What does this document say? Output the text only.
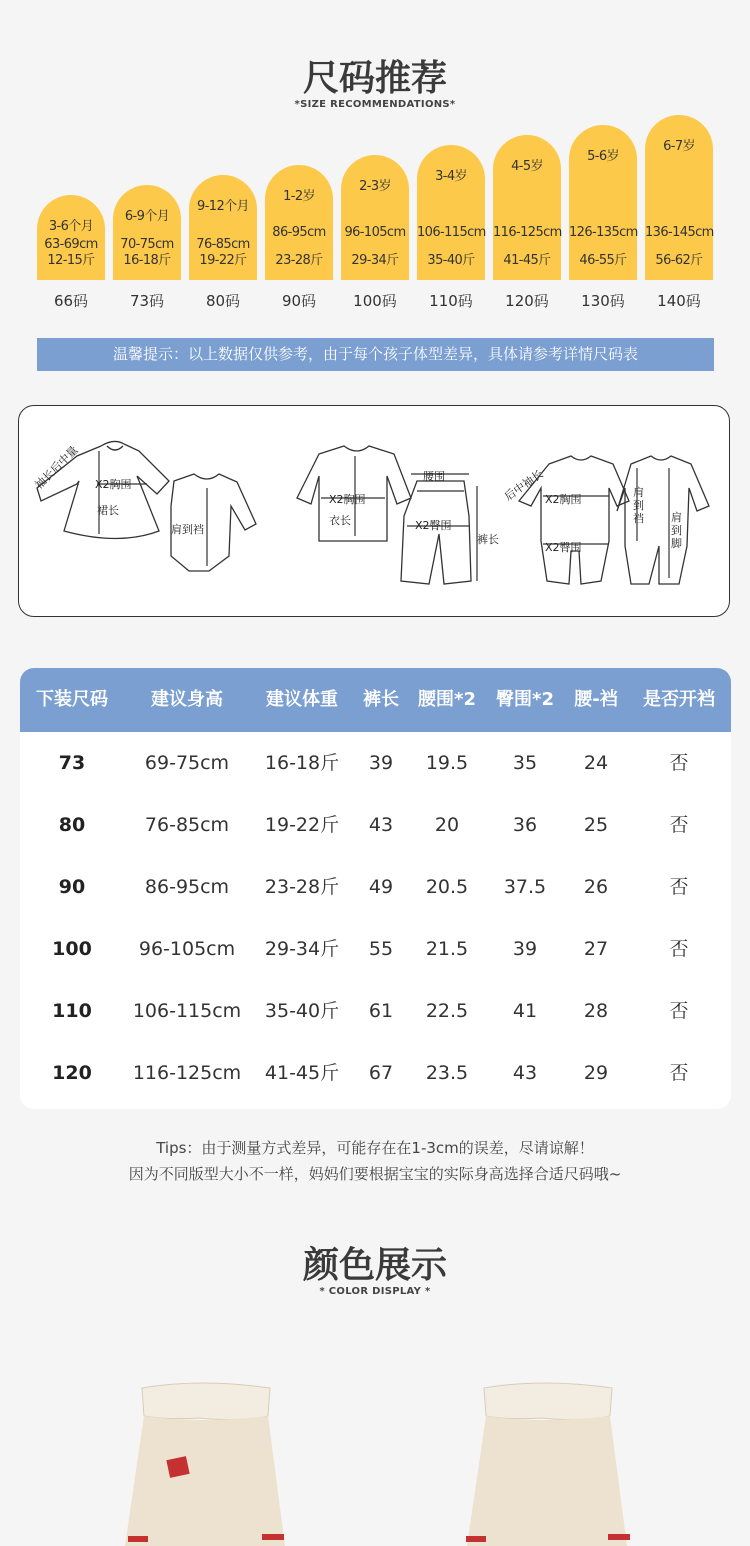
尺码推荐
*SIZE RECOMMENDATIONS*
3-6个月
63-69cm
12-15斤
6-9个月
70-75cm
16-18斤
9-12个月
76-85cm
19-22斤
1-2岁
86-95cm
23-28斤
2-3岁
96-105cm
29-34斤
3-4岁
106-115cm
35-40斤
4-5岁
116-125cm
41-45斤
5-6岁
126-135cm
46-55斤
6-7岁
136-145cm
56-62斤
温馨提示：以上数据仅供参考，由于每个孩子体型差异，具体请参考详情尺码表
袖长后中量 X2胸围
裙长
肩到裆
X2胸围
衣长
腰围
X2臀围
裤长
后中袖长 X2胸围
X2臀围
肩到裆 肩到脚
下装尺码	建议身高	建议体重	裤长	腰围*2	臀围*2	腰-裆	是否开裆
73	69-75cm	16-18斤	39	19.5	35	24	否
80	76-85cm	19-22斤	43	20	36	25	否
90	86-95cm	23-28斤	49	20.5	37.5	26	否
100	96-105cm	29-34斤	55	21.5	39	27	否
110	106-115cm	35-40斤	61	22.5	41	28	否
120	116-125cm	41-45斤	67	23.5	43	29	否
Tips：由于测量方式差异，可能存在在1-3cm的误差，尽请谅解！
因为不同版型大小不一样，妈妈们要根据宝宝的实际身高选择合适尺码哦~
颜色展示
* COLOR DISPLAY *
66码	73码	80码	90码	100码	110码	120码	130码	140码
